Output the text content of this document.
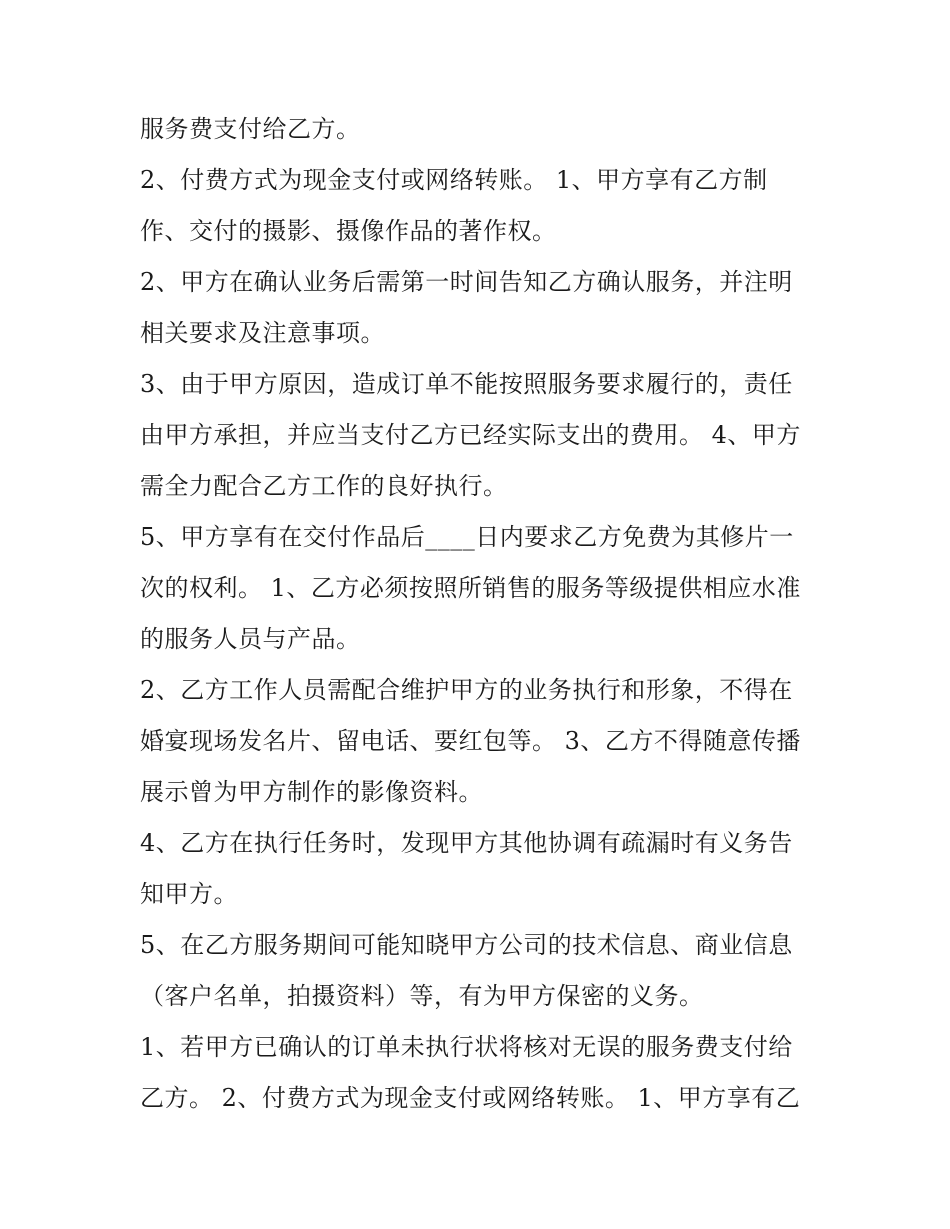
服务费支付给乙方。
2、付费方式为现金支付或网络转账。 1、甲方享有乙方制
作、交付的摄影、摄像作品的著作权。
2、甲方在确认业务后需第一时间告知乙方确认服务，并注明
相关要求及注意事项。
3、由于甲方原因，造成订单不能按照服务要求履行的，责任
由甲方承担，并应当支付乙方已经实际支出的费用。 4、甲方
需全力配合乙方工作的良好执行。
5、甲方享有在交付作品后____日内要求乙方免费为其修片一
次的权利。 1、乙方必须按照所销售的服务等级提供相应水准
的服务人员与产品。
2、乙方工作人员需配合维护甲方的业务执行和形象，不得在
婚宴现场发名片、留电话、要红包等。 3、乙方不得随意传播
展示曾为甲方制作的影像资料。
4、乙方在执行任务时，发现甲方其他协调有疏漏时有义务告
知甲方。
5、在乙方服务期间可能知晓甲方公司的技术信息、商业信息
（客户名单，拍摄资料）等，有为甲方保密的义务。
1、若甲方已确认的订单未执行状将核对无误的服务费支付给
乙方。 2、付费方式为现金支付或网络转账。 1、甲方享有乙
